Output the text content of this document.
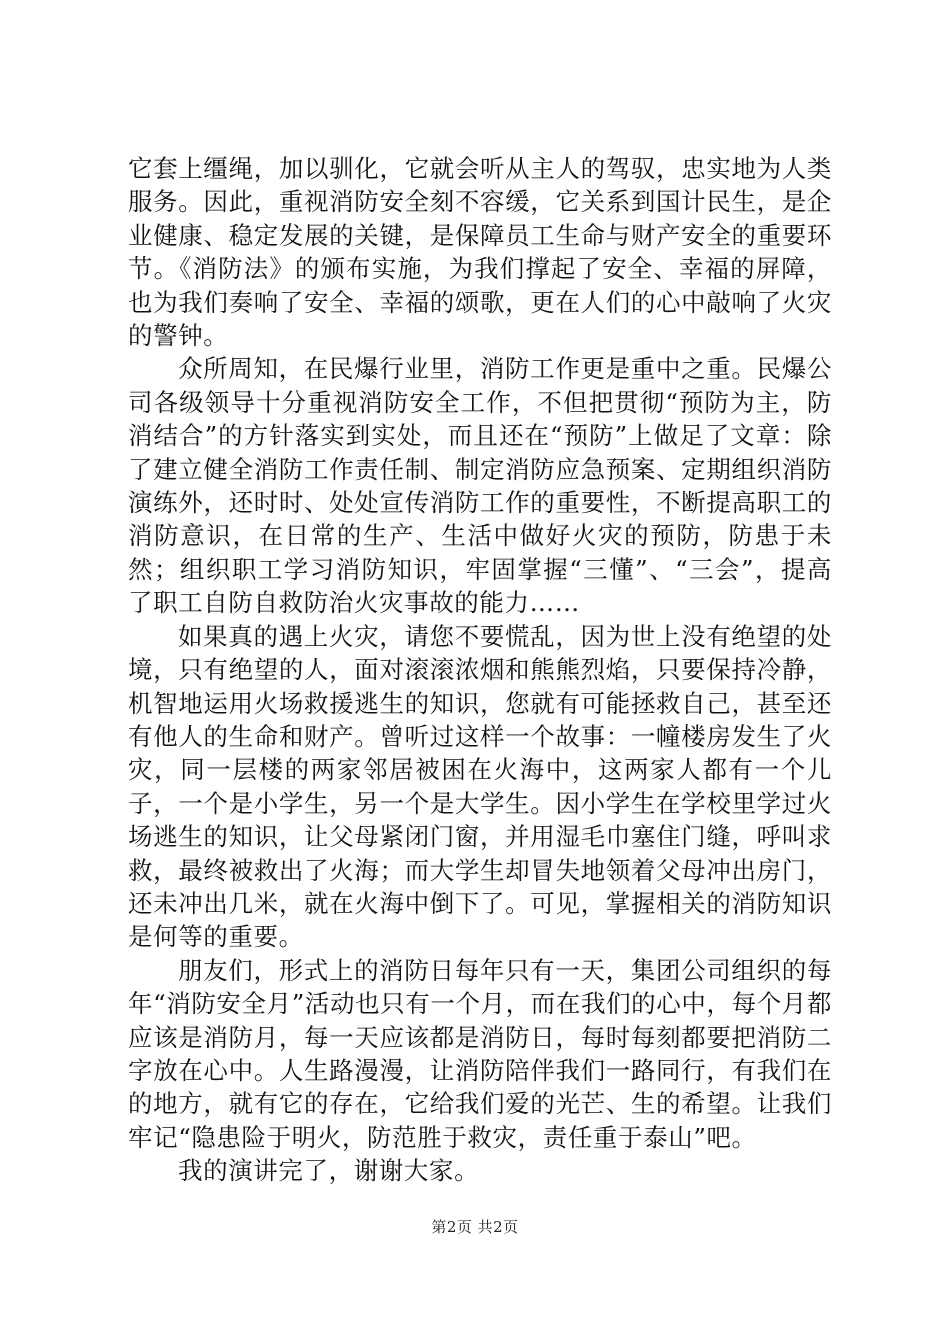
它套上缰绳，加以驯化，它就会听从主人的驾驭，忠实地为人类服务。因此，重视消防安全刻不容缓，它关系到国计民生，是企业健康、稳定发展的关键，是保障员工生命与财产安全的重要环节。《消防法》的颁布实施，为我们撑起了安全、幸福的屏障，也为我们奏响了安全、幸福的颂歌，更在人们的心中敲响了火灾的警钟。

众所周知，在民爆行业里，消防工作更是重中之重。民爆公司各级领导十分重视消防安全工作，不但把贯彻“预防为主，防消结合”的方针落实到实处，而且还在“预防”上做足了文章：除了建立健全消防工作责任制、制定消防应急预案、定期组织消防演练外，还时时、处处宣传消防工作的重要性，不断提高职工的消防意识，在日常的生产、生活中做好火灾的预防，防患于未然；组织职工学习消防知识，牢固掌握“三懂”、“三会”，提高了职工自防自救防治火灾事故的能力……

如果真的遇上火灾，请您不要慌乱，因为世上没有绝望的处境，只有绝望的人，面对滚滚浓烟和熊熊烈焰，只要保持冷静，机智地运用火场救援逃生的知识，您就有可能拯救自己，甚至还有他人的生命和财产。曾听过这样一个故事：一幢楼房发生了火灾，同一层楼的两家邻居被困在火海中，这两家人都有一个儿子，一个是小学生，另一个是大学生。因小学生在学校里学过火场逃生的知识，让父母紧闭门窗，并用湿毛巾塞住门缝，呼叫求救，最终被救出了火海；而大学生却冒失地领着父母冲出房门，还未冲出几米，就在火海中倒下了。可见，掌握相关的消防知识是何等的重要。

朋友们，形式上的消防日每年只有一天，集团公司组织的每年“消防安全月”活动也只有一个月，而在我们的心中，每个月都应该是消防月，每一天应该都是消防日，每时每刻都要把消防二字放在心中。人生路漫漫，让消防陪伴我们一路同行，有我们在的地方，就有它的存在，它给我们爱的光芒、生的希望。让我们牢记“隐患险于明火，防范胜于救灾，责任重于泰山”吧。

我的演讲完了，谢谢大家。

第2页 共2页
